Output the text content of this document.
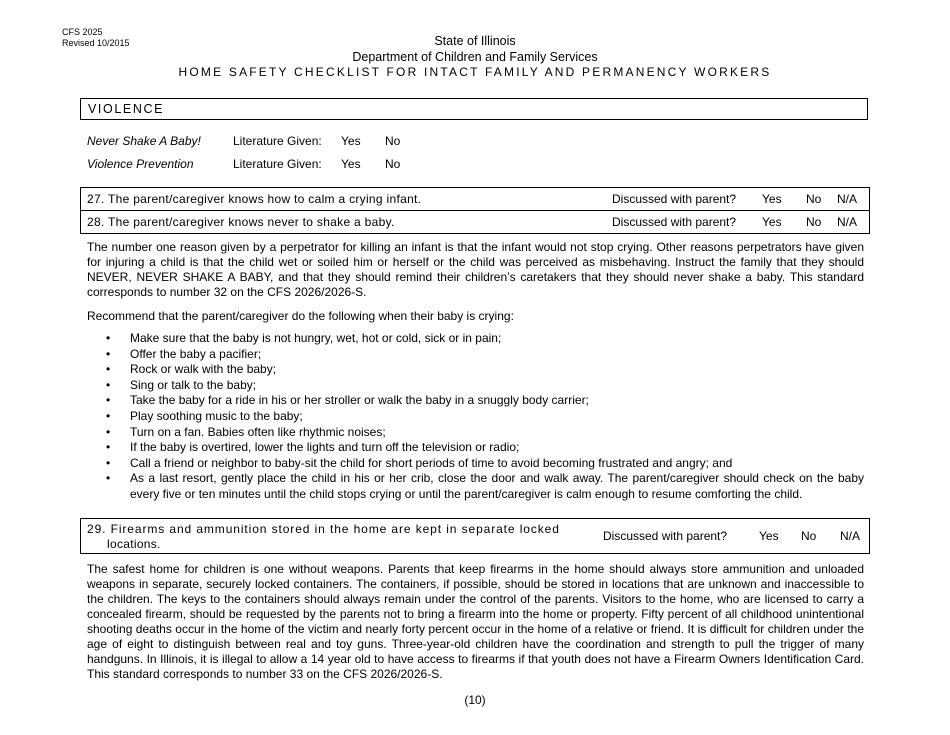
CFS 2025
Revised 10/2015	State of Illinois
Department of Children and Family Services
HOME SAFETY CHECKLIST FOR INTACT FAMILY AND PERMANENCY WORKERS
VIOLENCE
Never Shake A Baby!	Literature Given: Yes No
Violence Prevention	Literature Given: Yes No
27. The parent/caregiver knows how to calm a crying infant.	Discussed with parent? Yes No N/A
28. The parent/caregiver knows never to shake a baby.	Discussed with parent? Yes No N/A
The number one reason given by a perpetrator for killing an infant is that the infant would not stop crying. Other reasons perpetrators have given for injuring a child is that the child wet or soiled him or herself or the child was perceived as misbehaving. Instruct the family that they should NEVER, NEVER SHAKE A BABY, and that they should remind their children’s caretakers that they should never shake a baby. This standard corresponds to number 32 on the CFS 2026/2026-S.
Recommend that the parent/caregiver do the following when their baby is crying:
• Make sure that the baby is not hungry, wet, hot or cold, sick or in pain;
• Offer the baby a pacifier;
• Rock or walk with the baby;
• Sing or talk to the baby;
• Take the baby for a ride in his or her stroller or walk the baby in a snuggly body carrier;
• Play soothing music to the baby;
• Turn on a fan. Babies often like rhythmic noises;
• If the baby is overtired, lower the lights and turn off the television or radio;
• Call a friend or neighbor to baby-sit the child for short periods of time to avoid becoming frustrated and angry; and
• As a last resort, gently place the child in his or her crib, close the door and walk away. The parent/caregiver should check on the baby every five or ten minutes until the child stops crying or until the parent/caregiver is calm enough to resume comforting the child.
29. Firearms and ammunition stored in the home are kept in separate locked
locations.
Discussed with parent?	Yes No N/A
The safest home for children is one without weapons. Parents that keep firearms in the home should always store ammunition and unloaded weapons in separate, securely locked containers. The containers, if possible, should be stored in locations that are unknown and inaccessible to the children. The keys to the containers should always remain under the control of the parents. Visitors to the home, who are licensed to carry a concealed firearm, should be requested by the parents not to bring a firearm into the home or property. Fifty percent of all childhood unintentional shooting deaths occur in the home of the victim and nearly forty percent occur in the home of a relative or friend. It is difficult for children under the age of eight to distinguish between real and toy guns. Three-year-old children have the coordination and strength to pull the trigger of many handguns. In Illinois, it is illegal to allow a 14 year old to have access to firearms if that youth does not have a Firearm Owners Identification Card. This standard corresponds to number 33 on the CFS 2026/2026-S.
(10)
